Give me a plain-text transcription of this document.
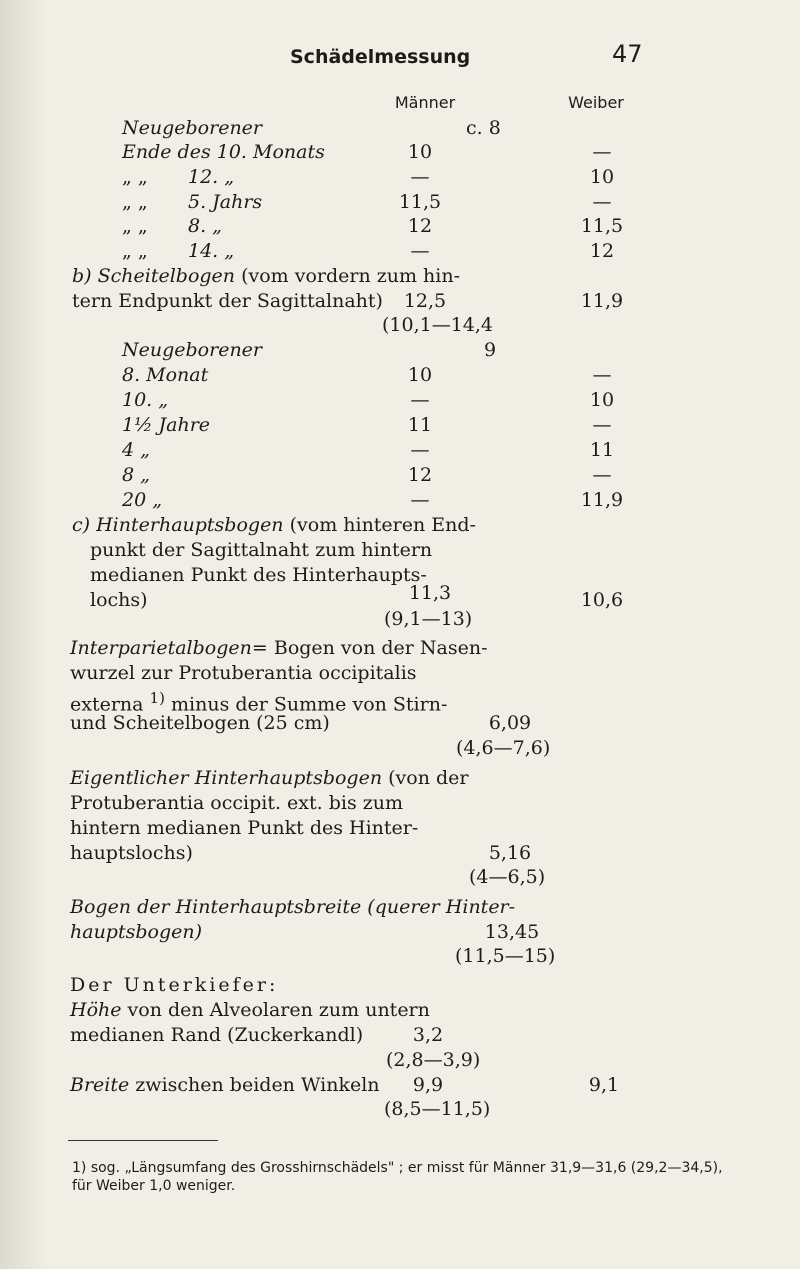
Schädelmessung	47
Männer	Weiber
Neugeborener	c. 8
Ende des 10. Monats	10	—
„ „ 12. „	—	10
„ „ 5. Jahrs	11,5	—
„ „ 8. „	12	11,5
„ „ 14. „	—	12
b) Scheitelbogen (vom vordern zum hin-
tern Endpunkt der Sagittalnaht) 12,5	11,9
(10,1—14,4
Neugeborener	9
8. Monat	10	—
10. „	—	10
1½ Jahre	11	—
4 „	—	11
8 „	12	—
20 „	—	11,9
c) Hinterhauptsbogen (vom hinteren End-
punkt der Sagittalnaht zum hintern
medianen Punkt des Hinterhaupts-
lochs)	11,3	10,6
(9,1—13)
Interparietalbogen= Bogen von der Nasen-
wurzel zur Protuberantia occipitalis
externa $^{1)}$ minus der Summe von Stirn-
und Scheitelbogen (25 cm)	6,09
(4,6—7,6)
Eigentlicher Hinterhauptsbogen (von der
Protuberantia occipit. ext. bis zum
hintern medianen Punkt des Hinter-
hauptslochs)	5,16
(4—6,5)
Bogen der Hinterhauptsbreite (querer Hinter-
hauptsbogen)	13,45
(11,5—15)
Der Unterkiefer:
Höhe von den Alveolaren zum untern
medianen Rand (Zuckerkandl)	3,2
(2,8—3,9)
Breite zwischen beiden Winkeln 9,9	9,1
(8,5—11,5)
1) sog. „Längsumfang des Grosshirnschädels" ; er misst für Männer 31,9—31,6 (29,2—34,5),
für Weiber 1,0 weniger.
